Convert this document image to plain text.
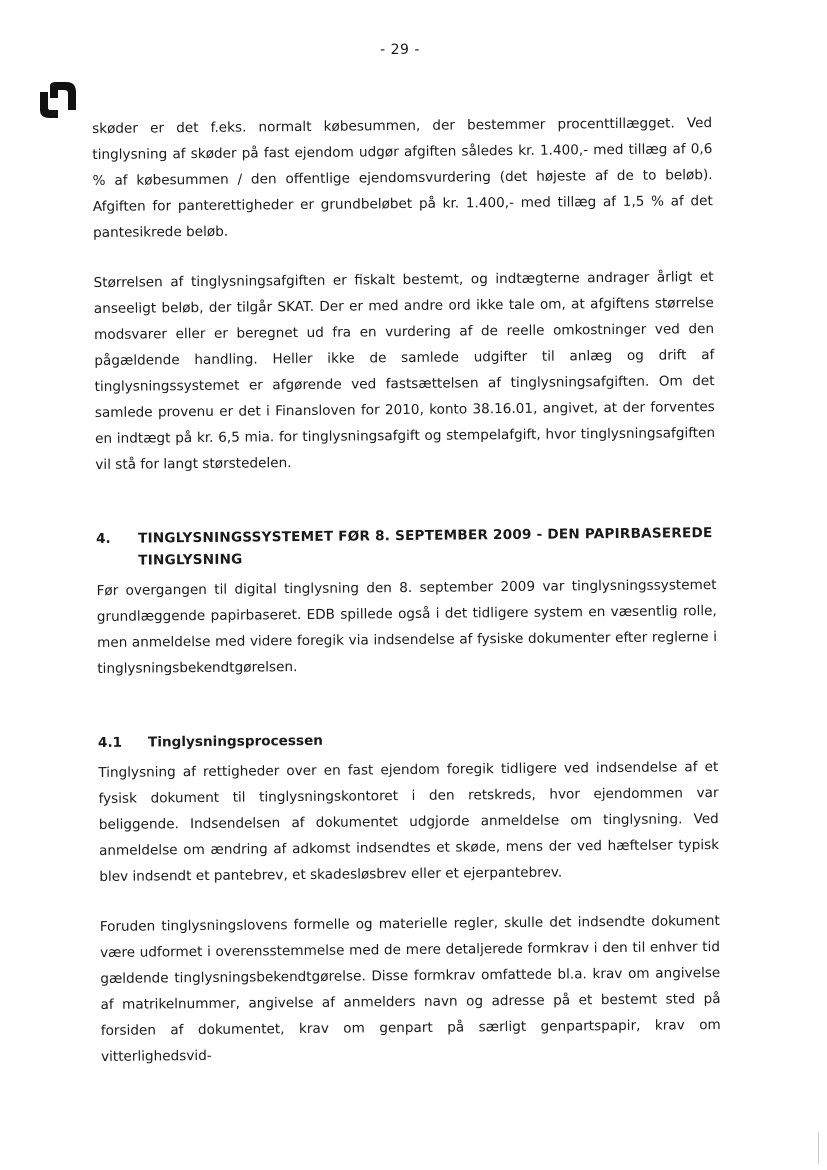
- 29 -

skøder er det f.eks. normalt købesummen, der bestemmer procenttillægget. Ved tinglysning af skøder på fast ejendom udgør afgiften således kr. 1.400,- med tillæg af 0,6 % af købesummen / den offentlige ejendomsvurdering (det højeste af de to beløb). Afgiften for panterettigheder er grundbeløbet på kr. 1.400,- med tillæg af 1,5 % af det pantesikrede beløb.

Størrelsen af tinglysningsafgiften er fiskalt bestemt, og indtægterne andrager årligt et anseeligt beløb, der tilgår SKAT. Der er med andre ord ikke tale om, at afgiftens størrelse modsvarer eller er beregnet ud fra en vurdering af de reelle omkostninger ved den pågældende handling. Heller ikke de samlede udgifter til anlæg og drift af tinglysningssystemet er afgørende ved fastsættelsen af tinglysningsafgiften. Om det samlede provenu er det i Finansloven for 2010, konto 38.16.01, angivet, at der forventes en indtægt på kr. 6,5 mia. for tinglysningsafgift og stempelafgift, hvor tinglysningsafgiften vil stå for langt størstedelen.

4.	TINGLYSNINGSSYSTEMET FØR 8. SEPTEMBER 2009 - DEN PAPIRBASEREDE TINGLYSNING

Før overgangen til digital tinglysning den 8. september 2009 var tinglysningssystemet grundlæggende papirbaseret. EDB spillede også i det tidligere system en væsentlig rolle, men anmeldelse med videre foregik via indsendelse af fysiske dokumenter efter reglerne i tinglysningsbekendtgørelsen.

4.1	Tinglysningsprocessen

Tinglysning af rettigheder over en fast ejendom foregik tidligere ved indsendelse af et fysisk dokument til tinglysningskontoret i den retskreds, hvor ejendommen var beliggende. Indsendelsen af dokumentet udgjorde anmeldelse om tinglysning. Ved anmeldelse om ændring af adkomst indsendtes et skøde, mens der ved hæftelser typisk blev indsendt et pantebrev, et skadesløsbrev eller et ejerpantebrev.

Foruden tinglysningslovens formelle og materielle regler, skulle det indsendte dokument være udformet i overensstemmelse med de mere detaljerede formkrav i den til enhver tid gældende tinglysningsbekendtgørelse. Disse formkrav omfattede bl.a. krav om angivelse af matrikelnummer, angivelse af anmelders navn og adresse på et bestemt sted på forsiden af dokumentet, krav om genpart på særligt genpartspapir, krav om vitterlighedsvid-
